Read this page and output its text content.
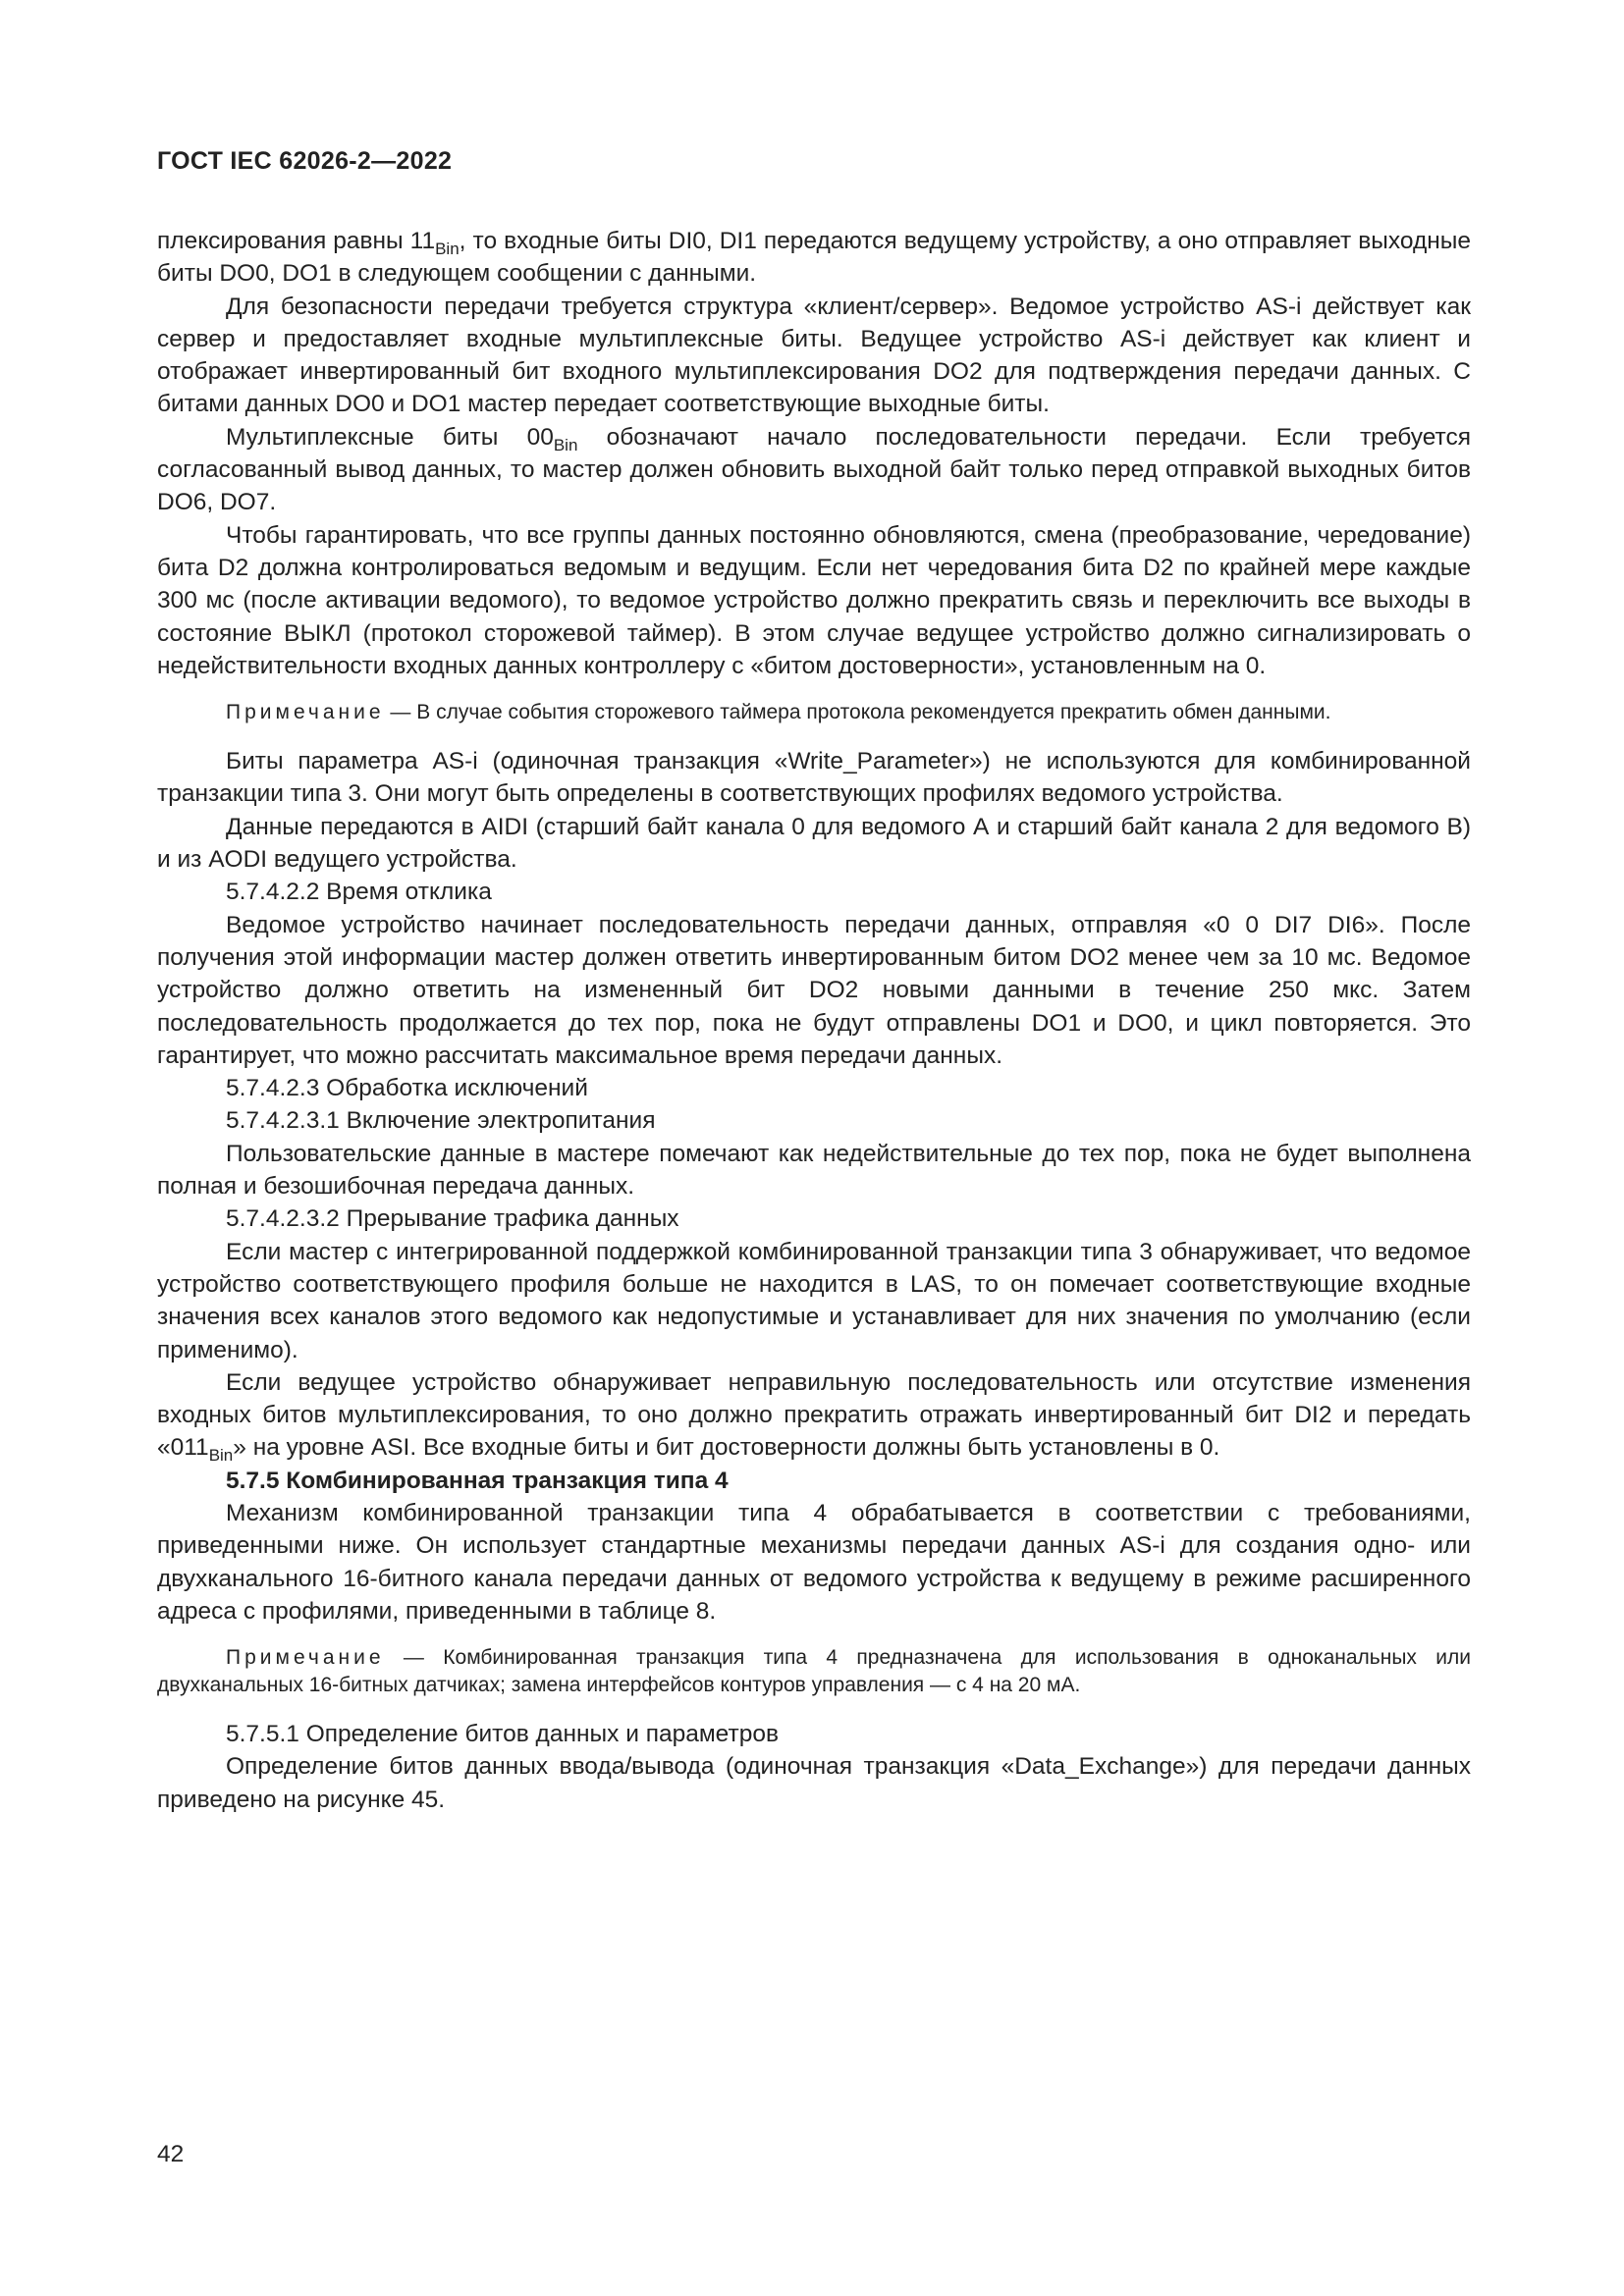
ГОСТ IEC 62026-2—2022

плексирования равны $11_{Bin}$, то входные биты DI0, DI1 передаются ведущему устройству, а оно отправляет выходные биты DO0, DO1 в следующем сообщении с данными.

Для безопасности передачи требуется структура «клиент/сервер». Ведомое устройство AS-i действует как сервер и предоставляет входные мультиплексные биты. Ведущее устройство AS-i действует как клиент и отображает инвертированный бит входного мультиплексирования DO2 для подтверждения передачи данных. С битами данных DO0 и DO1 мастер передает соответствующие выходные биты.

Мультиплексные биты $00_{Bin}$ обозначают начало последовательности передачи. Если требуется согласованный вывод данных, то мастер должен обновить выходной байт только перед отправкой выходных битов DO6, DO7.

Чтобы гарантировать, что все группы данных постоянно обновляются, смена (преобразование, чередование) бита D2 должна контролироваться ведомым и ведущим. Если нет чередования бита D2 по крайней мере каждые 300 мс (после активации ведомого), то ведомое устройство должно прекратить связь и переключить все выходы в состояние ВЫКЛ (протокол сторожевой таймер). В этом случае ведущее устройство должно сигнализировать о недействительности входных данных контроллеру с «битом достоверности», установленным на 0.

Примечание — В случае события сторожевого таймера протокола рекомендуется прекратить обмен данными.

Биты параметра AS-i (одиночная транзакция «Write_Parameter») не используются для комбинированной транзакции типа 3. Они могут быть определены в соответствующих профилях ведомого устройства.

Данные передаются в AIDI (старший байт канала 0 для ведомого А и старший байт канала 2 для ведомого В) и из AODI ведущего устройства.

5.7.4.2.2 Время отклика

Ведомое устройство начинает последовательность передачи данных, отправляя «0 0 DI7 DI6». После получения этой информации мастер должен ответить инвертированным битом DO2 менее чем за 10 мс. Ведомое устройство должно ответить на измененный бит DO2 новыми данными в течение 250 мкс. Затем последовательность продолжается до тех пор, пока не будут отправлены DO1 и DO0, и цикл повторяется. Это гарантирует, что можно рассчитать максимальное время передачи данных.

5.7.4.2.3 Обработка исключений

5.7.4.2.3.1 Включение электропитания

Пользовательские данные в мастере помечают как недействительные до тех пор, пока не будет выполнена полная и безошибочная передача данных.

5.7.4.2.3.2 Прерывание трафика данных

Если мастер с интегрированной поддержкой комбинированной транзакции типа 3 обнаруживает, что ведомое устройство соответствующего профиля больше не находится в LAS, то он помечает соответствующие входные значения всех каналов этого ведомого как недопустимые и устанавливает для них значения по умолчанию (если применимо).

Если ведущее устройство обнаруживает неправильную последовательность или отсутствие изменения входных битов мультиплексирования, то оно должно прекратить отражать инвертированный бит DI2 и передать «$011_{Bin}$» на уровне ASI. Все входные биты и бит достоверности должны быть установлены в 0.

5.7.5 Комбинированная транзакция типа 4

Механизм комбинированной транзакции типа 4 обрабатывается в соответствии с требованиями, приведенными ниже. Он использует стандартные механизмы передачи данных AS-i для создания одно- или двухканального 16-битного канала передачи данных от ведомого устройства к ведущему в режиме расширенного адреса с профилями, приведенными в таблице 8.

Примечание — Комбинированная транзакция типа 4 предназначена для использования в одноканальных или двухканальных 16-битных датчиках; замена интерфейсов контуров управления — с 4 на 20 мА.

5.7.5.1 Определение битов данных и параметров

Определение битов данных ввода/вывода (одиночная транзакция «Data_Exchange») для передачи данных приведено на рисунке 45.

42
